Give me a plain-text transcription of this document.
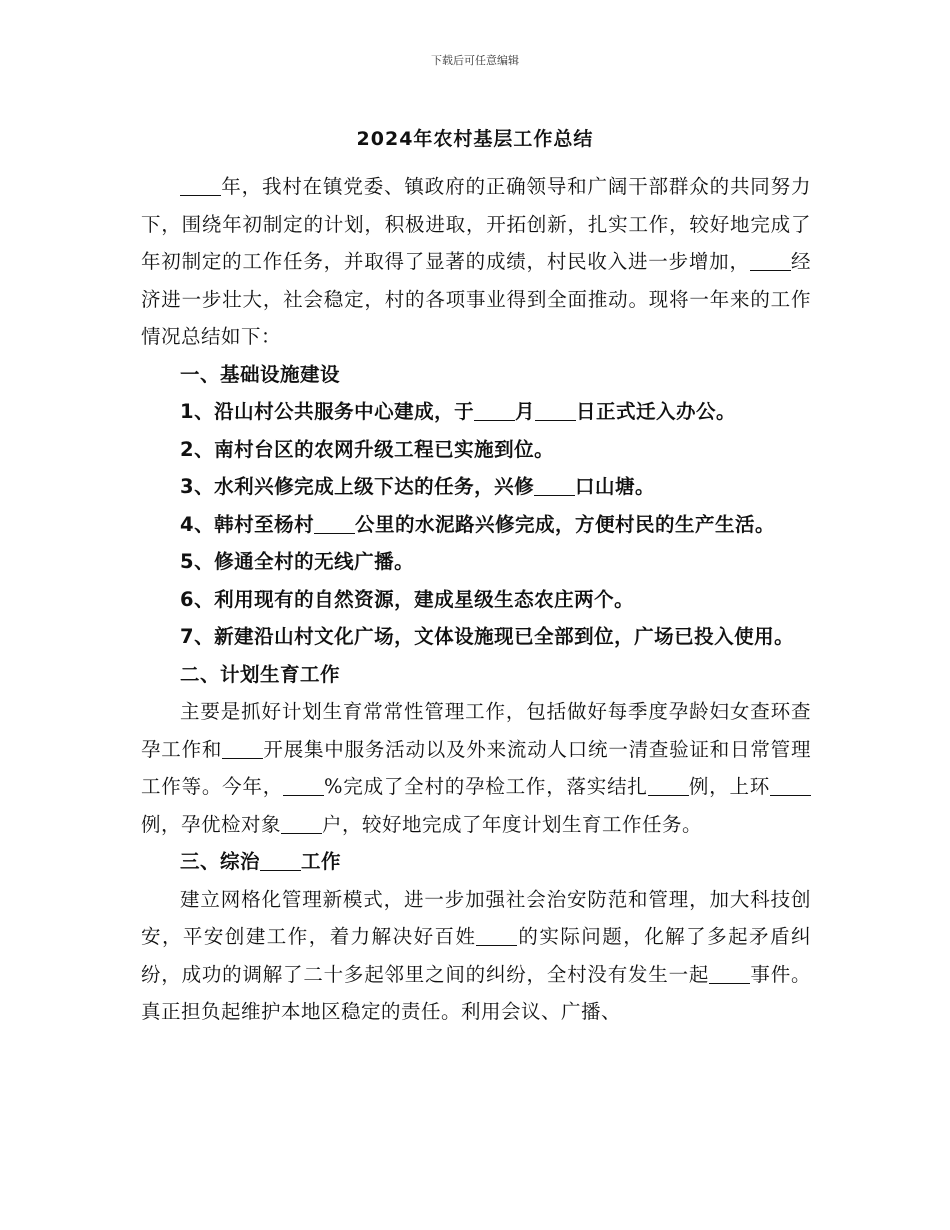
下载后可任意编辑
2024年农村基层工作总结

年，我村在镇党委、镇政府的正确领导和广阔干部群众的共同努力下，围绕年初制定的计划，积极进取，开拓创新，扎实工作，较好地完成了年初制定的工作任务，并取得了显著的成绩，村民收入进一步增加， 经济进一步壮大，社会稳定，村的各项事业得到全面推动。现将一年来的工作情况总结如下：

一、基础设施建设

1、沿山村公共服务中心建成，于 月 日正式迁入办公。

2、南村台区的农网升级工程已实施到位。

3、水利兴修完成上级下达的任务，兴修 口山塘。

4、韩村至杨村 公里的水泥路兴修完成，方便村民的生产生活。

5、修通全村的无线广播。

6、利用现有的自然资源，建成星级生态农庄两个。

7、新建沿山村文化广场，文体设施现已全部到位，广场已投入使用。

二、计划生育工作

主要是抓好计划生育常常性管理工作，包括做好每季度孕龄妇女查环查孕工作和 开展集中服务活动以及外来流动人口统一清查验证和日常管理工作等。今年， %完成了全村的孕检工作，落实结扎 例，上环例，孕优检对象 户，较好地完成了年度计划生育工作任务。

三、综治 工作

建立网格化管理新模式，进一步加强社会治安防范和管理，加大科技创安，平安创建工作，着力解决好百姓 的实际问题，化解了多起矛盾纠纷，成功的调解了二十多起邻里之间的纠纷，全村没有发生一起 事件。真正担负起维护本地区稳定的责任。利用会议、广播、
